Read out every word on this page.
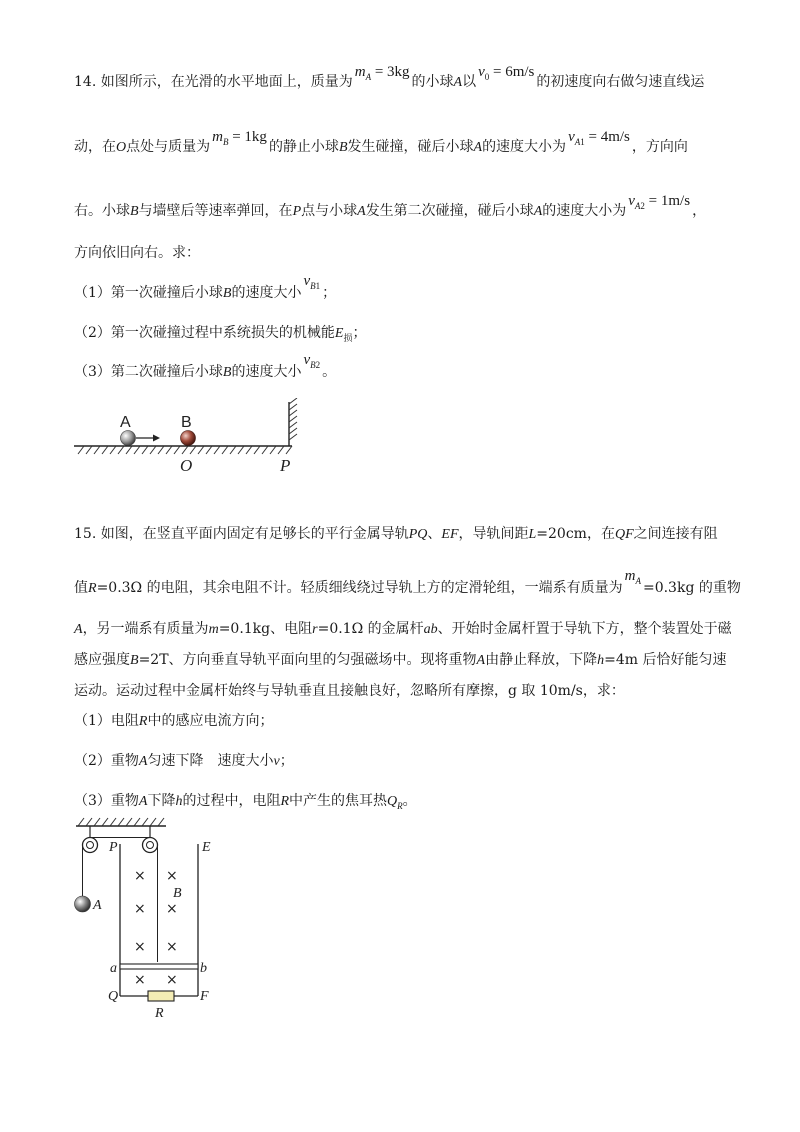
14. 如图所示，在光滑的水平地面上，质量为$m_A = 3kg$的小球A以$v_0 = 6m/s$的初速度向右做匀速直线运
动，在O点处与质量为$m_B = 1kg$的静止小球B发生碰撞，碰后小球A的速度大小为$v_{A1} = 4m/s$，方向向
右。小球B与墙壁后等速率弹回，在P点与小球A发生第二次碰撞，碰后小球A的速度大小为$v_{A2} = 1m/s$，
方向依旧向右。求：
（1）第一次碰撞后小球B的速度大小$v_{B1}$ ；
（2）第一次碰撞过程中系统损失的机械能$E_损$；
（3）第二次碰撞后小球B的速度大小$v_{B2}$ 。
A	B
O	P
15. 如图，在竖直平面内固定有足够长的平行金属导轨PQ、EF，导轨间距L=20cm，在QF之间连接有阻
值R=0.3Ω 的电阻，其余电阻不计。轻质细线绕过导轨上方的定滑轮组，一端系有质量为$m_A =0.3kg$ 的重物
A，另一端系有质量为m=0.1kg、电阻r=0.1Ω 的金属杆ab、开始时金属杆置于导轨下方，整个装置处于磁
感应强度B=2T、方向垂直导轨平面向里的匀强磁场中。现将重物A由静止释放，下降h=4m 后恰好能匀速
运动。运动过程中金属杆始终与导轨垂直且接触良好，忽略所有摩擦，g 取 10m/s，求：
（1）电阻R中的感应电流方向；
（2）重物A匀速下降　速度大小v；
（3）重物A下降h的过程中，电阻R中产生的焦耳热$Q_R$。
× ×
× ×
× ×
× ×
P	E
A
B
a	b
Q	F
R
